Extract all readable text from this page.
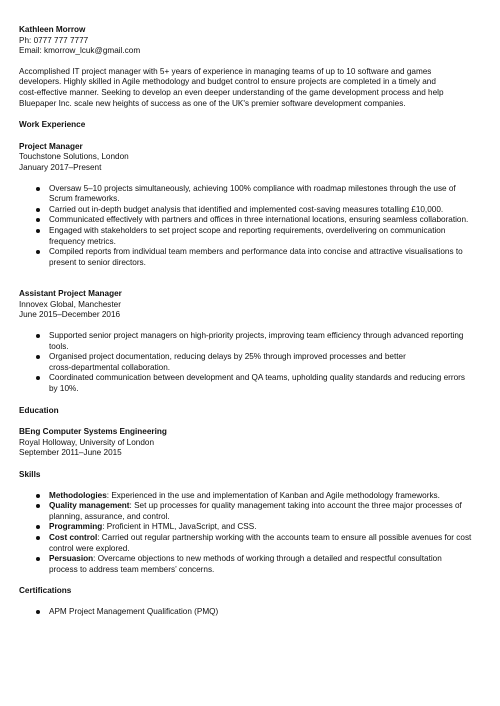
Kathleen Morrow
Ph: 0777 777 7777
Email: kmorrow_lcuk@gmail.com
Accomplished IT project manager with 5+ years of experience in managing teams of up to 10 software and games
developers. Highly skilled in Agile methodology and budget control to ensure projects are completed in a timely and
cost-effective manner. Seeking to develop an even deeper understanding of the game development process and help
Bluepaper Inc. scale new heights of success as one of the UK's premier software development companies.
Work Experience
Project Manager
Touchstone Solutions, London
January 2017–Present
Oversaw 5–10 projects simultaneously, achieving 100% compliance with roadmap milestones through the use of
Scrum frameworks.
Carried out in-depth budget analysis that identified and implemented cost-saving measures totalling £10,000.
Communicated effectively with partners and offices in three international locations, ensuring seamless collaboration.
Engaged with stakeholders to set project scope and reporting requirements, overdelivering on communication
frequency metrics.
Compiled reports from individual team members and performance data into concise and attractive visualisations to
present to senior directors.
Assistant Project Manager
Innovex Global, Manchester
June 2015–December 2016
Supported senior project managers on high-priority projects, improving team efficiency through advanced reporting
tools.
Organised project documentation, reducing delays by 25% through improved processes and better
cross-departmental collaboration.
Coordinated communication between development and QA teams, upholding quality standards and reducing errors
by 10%.
Education
BEng Computer Systems Engineering
Royal Holloway, University of London
September 2011–June 2015
Skills
Methodologies: Experienced in the use and implementation of Kanban and Agile methodology frameworks.
Quality management: Set up processes for quality management taking into account the three major processes of
planning, assurance, and control.
Programming: Proficient in HTML, JavaScript, and CSS.
Cost control: Carried out regular partnership working with the accounts team to ensure all possible avenues for cost
control were explored.
Persuasion: Overcame objections to new methods of working through a detailed and respectful consultation
process to address team members’ concerns.
Certifications
APM Project Management Qualification (PMQ)
